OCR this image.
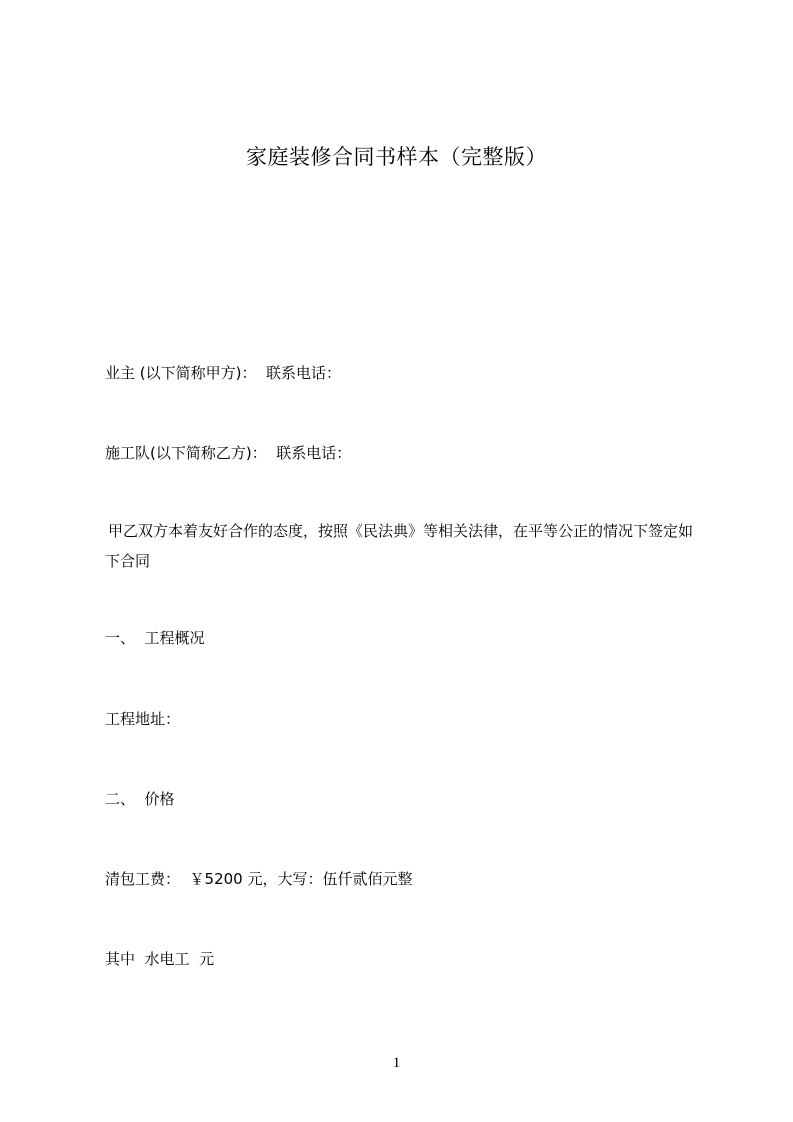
家庭装修合同书样本（完整版）
业主 (以下简称甲方)：  联系电话：
施工队(以下简称乙方)：  联系电话：
甲乙双方本着友好合作的态度，按照《民法典》等相关法律，在平等公正的情况下签定如下合同
一、  工程概况
工程地址：
二、  价格
清包工费：  ￥5200 元，大写：伍仟贰佰元整
其中  水电工  元
1
